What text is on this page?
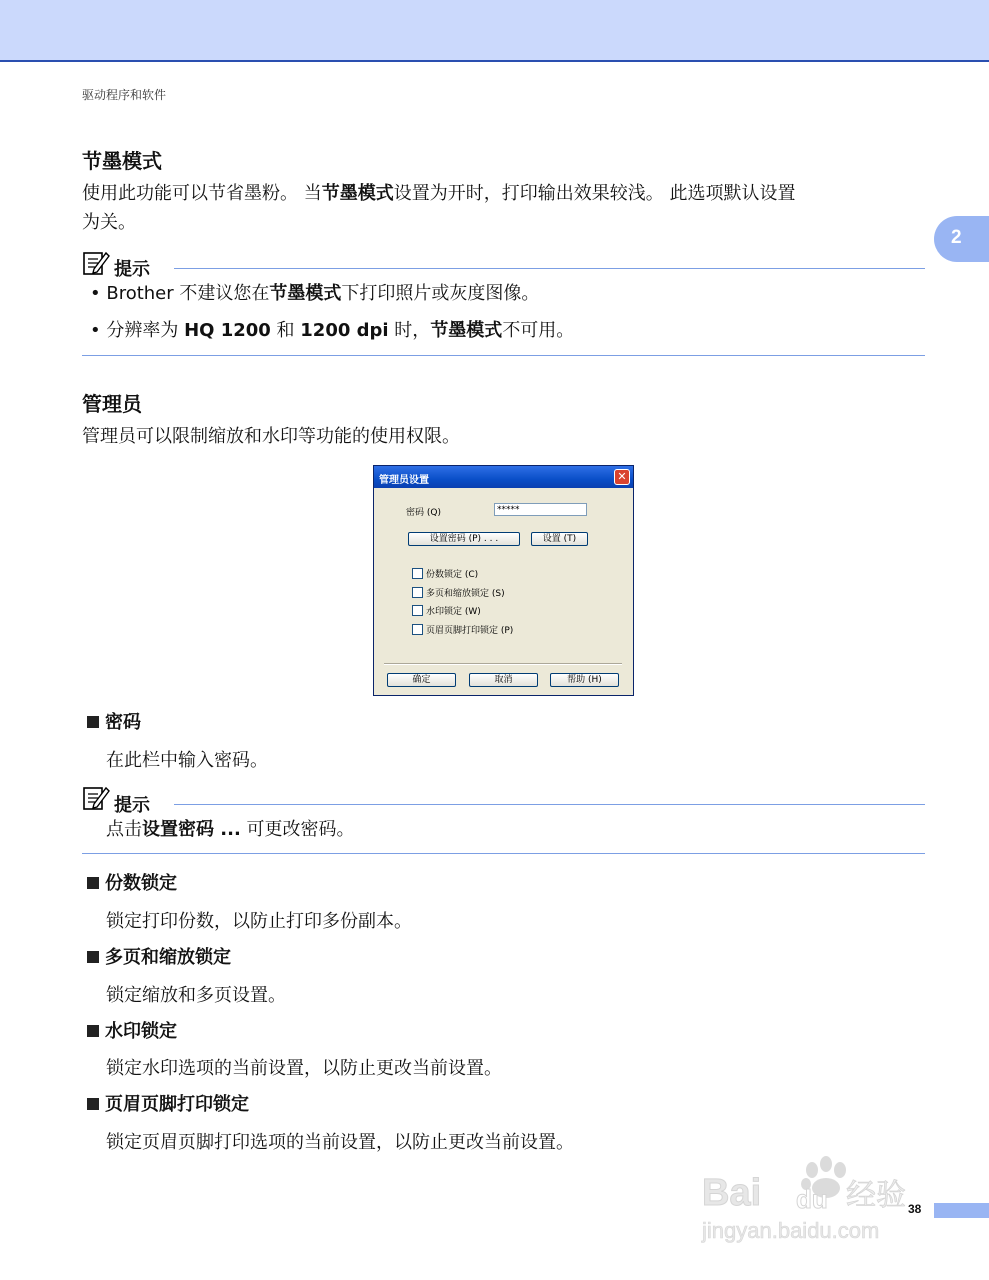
驱动程序和软件
2
节墨模式
使用此功能可以节省墨粉。 当节墨模式设置为开时，打印输出效果较浅。 此选项默认设置
为关。
提示
• Brother 不建议您在节墨模式下打印照片或灰度图像。
• 分辨率为 HQ 1200 和 1200 dpi 时，节墨模式不可用。
管理员
管理员可以限制缩放和水印等功能的使用权限。
管理员设置	✕
密码 (Q)	*****
设置密码 (P) . . .	设置 (T)
份数锁定 (C)
多页和缩放锁定 (S)
水印锁定 (W)
页眉页脚打印锁定 (P)
确定	取消	帮助 (H)
密码
在此栏中输入密码。
提示
点击设置密码 ... 可更改密码。
份数锁定
锁定打印份数，以防止打印多份副本。
多页和缩放锁定
锁定缩放和多页设置。
水印锁定
锁定水印选项的当前设置，以防止更改当前设置。
页眉页脚打印锁定
锁定页眉页脚打印选项的当前设置，以防止更改当前设置。
Bai du 经验
jingyan.baidu.com
38
